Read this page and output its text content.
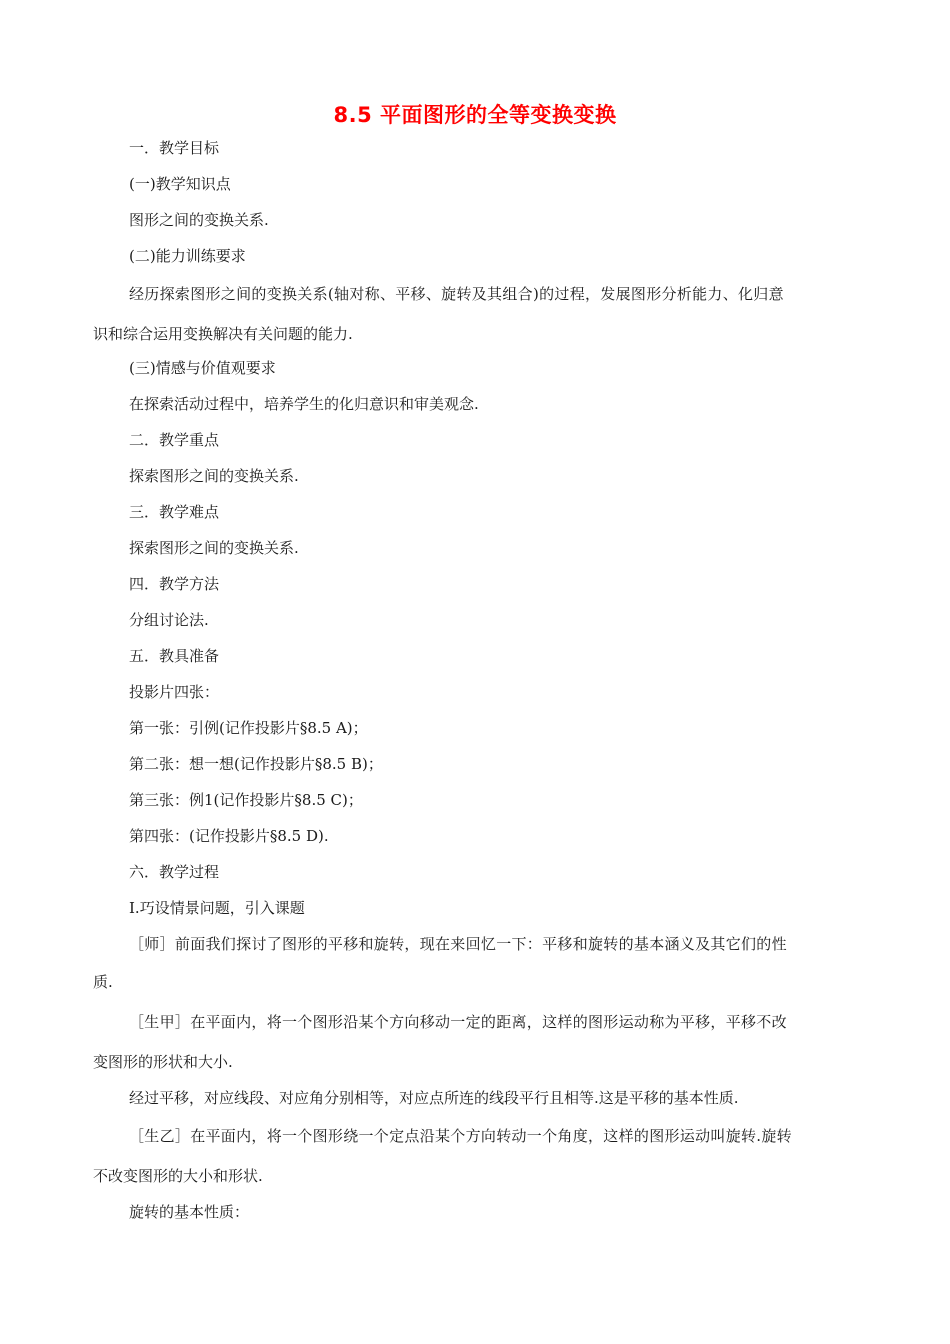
8.5 平面图形的全等变换变换
一．教学目标
(一)教学知识点
图形之间的变换关系.
(二)能力训练要求
经历探索图形之间的变换关系(轴对称、平移、旋转及其组合)的过程，发展图形分析能力、化归意
识和综合运用变换解决有关问题的能力.
(三)情感与价值观要求
在探索活动过程中，培养学生的化归意识和审美观念.
二．教学重点
探索图形之间的变换关系.
三．教学难点
探索图形之间的变换关系.
四．教学方法
分组讨论法.
五．教具准备
投影片四张：
第一张：引例(记作投影片§8.5 A)；
第二张：想一想(记作投影片§8.5 B)；
第三张：例1(记作投影片§8.5 C)；
第四张：(记作投影片§8.5 D).
六．教学过程
Ⅰ.巧设情景问题，引入课题
［师］前面我们探讨了图形的平移和旋转，现在来回忆一下：平移和旋转的基本涵义及其它们的性
质.
［生甲］在平面内，将一个图形沿某个方向移动一定的距离，这样的图形运动称为平移，平移不改
变图形的形状和大小.
经过平移，对应线段、对应角分别相等，对应点所连的线段平行且相等.这是平移的基本性质.
［生乙］在平面内，将一个图形绕一个定点沿某个方向转动一个角度，这样的图形运动叫旋转.旋转
不改变图形的大小和形状.
旋转的基本性质：
